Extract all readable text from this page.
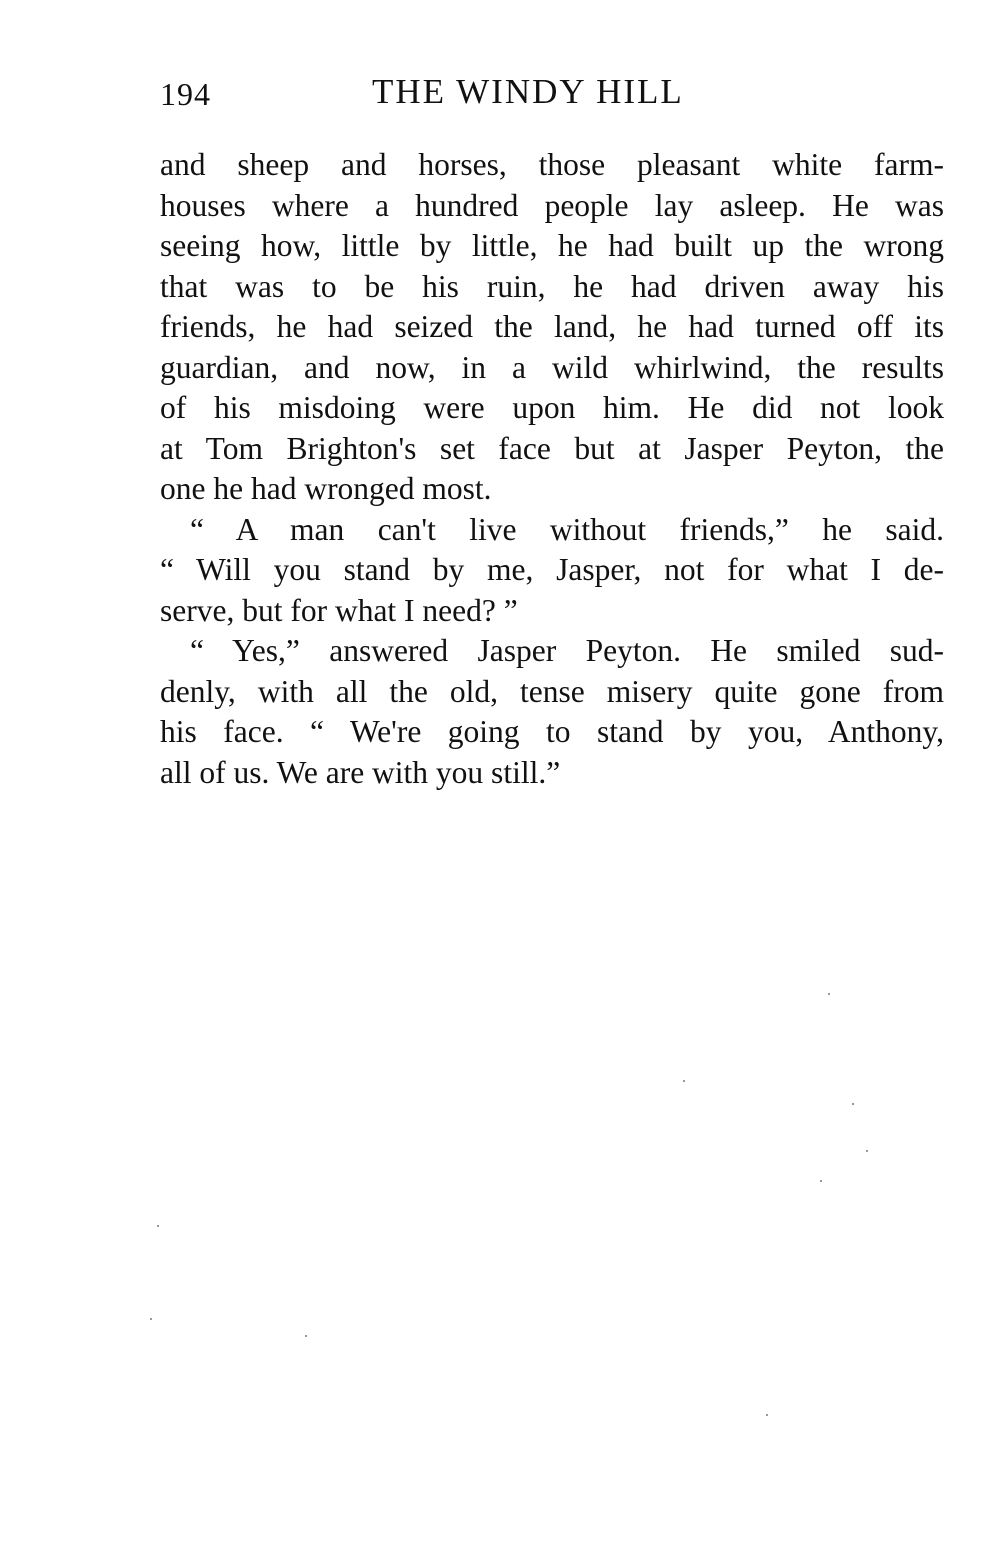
194	THE WINDY HILL
and sheep and horses, those pleasant white farm-
houses where a hundred people lay asleep. He was
seeing how, little by little, he had built up the wrong
that was to be his ruin, he had driven away his
friends, he had seized the land, he had turned off its
guardian, and now, in a wild whirlwind, the results
of his misdoing were upon him. He did not look
at Tom Brighton's set face but at Jasper Peyton, the
one he had wronged most.
“ A man can't live without friends,” he said.
“ Will you stand by me, Jasper, not for what I de-
serve, but for what I need? ”
“ Yes,” answered Jasper Peyton. He smiled sud-
denly, with all the old, tense misery quite gone from
his face. “ We're going to stand by you, Anthony,
all of us. We are with you still.”
